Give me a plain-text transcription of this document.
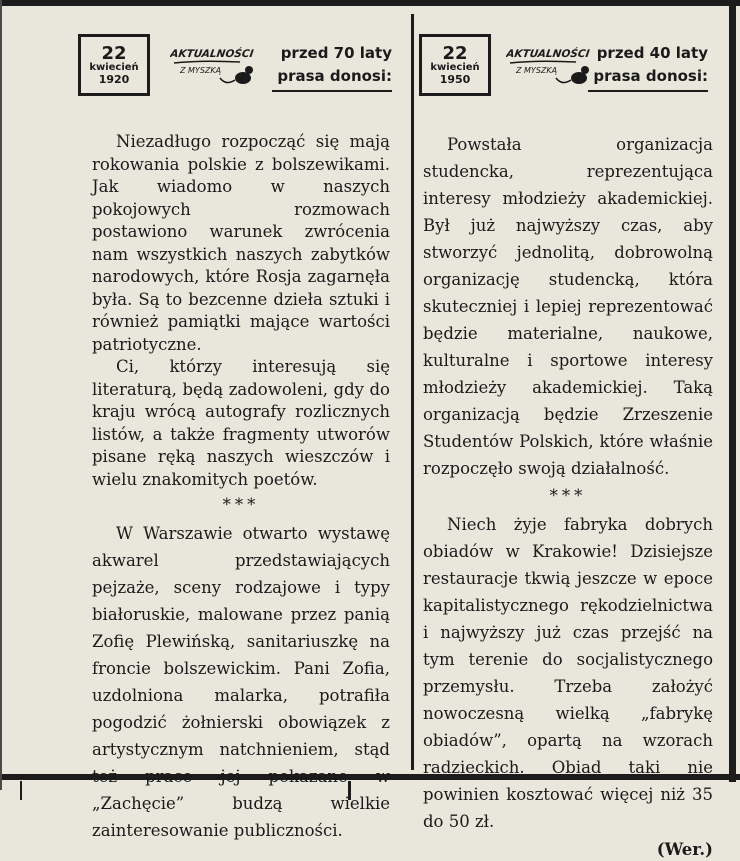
22
kwiecień
1920
AKTUALNOŚCI
Z MYSZKĄ
przed 70 laty
prasa donosi:
22
kwiecień
1950
AKTUALNOŚCI
Z MYSZKĄ
przed 40 laty
prasa donosi:

Niezadługo rozpocząć się mają rokowania polskie z bolszewikami. Jak wiadomo w naszych pokojowych rozmowach postawiono warunek zwrócenia nam wszystkich naszych zabytków narodowych, które Rosja zagarnęła była. Są to bezcenne dzieła sztuki i również pamiątki mające wartości patriotyczne.

Ci, którzy interesują się literaturą, będą zadowoleni, gdy do kraju wrócą autografy rozlicznych listów, a także fragmenty utworów pisane ręką naszych wieszczów i wielu znakomitych poetów.

***

W Warszawie otwarto wystawę akwarel przedstawiających pejzaże, sceny rodzajowe i typy białoruskie, malowane przez panią Zofię Plewińską, sanitariuszkę na froncie bolszewickim. Pani Zofia, uzdolniona malarka, potrafiła pogodzić żołnierski obowiązek z artystycznym natchnieniem, stąd też prace jej pokazane w „Zachęcie” budzą wielkie zainteresowanie publiczności.

Powstała organizacja studencka, reprezentująca interesy młodzieży akademickiej. Był już najwyższy czas, aby stworzyć jednolitą, dobrowolną organizację studencką, która skuteczniej i lepiej reprezentować będzie materialne, naukowe, kulturalne i sportowe interesy młodzieży akademickiej. Taką organizacją będzie Zrzeszenie Studentów Polskich, które właśnie rozpoczęło swoją działalność.

***

Niech żyje fabryka dobrych obiadów w Krakowie! Dzisiejsze restauracje tkwią jeszcze w epoce kapitalistycznego rękodzielnictwa i najwyższy już czas przejść na tym terenie do socjalistycznego przemysłu. Trzeba założyć nowoczesną wielką „fabrykę obiadów”, opartą na wzorach radzieckich. Obiad taki nie powinien kosztować więcej niż 35 do 50 zł.

(Wer.)
